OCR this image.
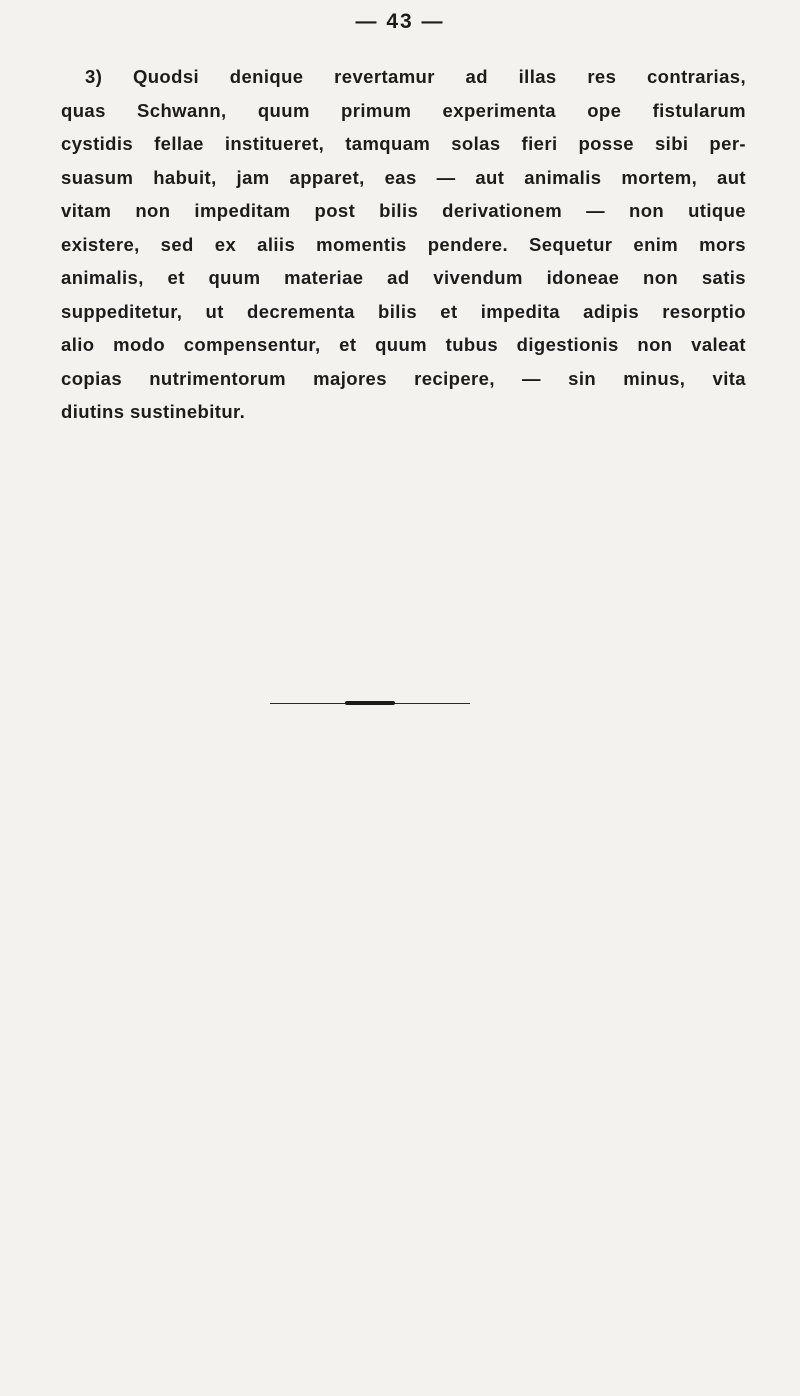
— 43 —
3) Quodsi denique revertamur ad illas res contrarias,
quas Schwann, quum primum experimenta ope fistularum
cystidis fellae institueret, tamquam solas fieri posse sibi per-
suasum habuit, jam apparet, eas — aut animalis mortem, aut
vitam non impeditam post bilis derivationem — non utique
existere, sed ex aliis momentis pendere. Sequetur enim mors
animalis, et quum materiae ad vivendum idoneae non satis
suppeditetur, ut decrementa bilis et impedita adipis resorptio
alio modo compensentur, et quum tubus digestionis non valeat
copias nutrimentorum majores recipere, — sin minus, vita
diutins sustinebitur.
